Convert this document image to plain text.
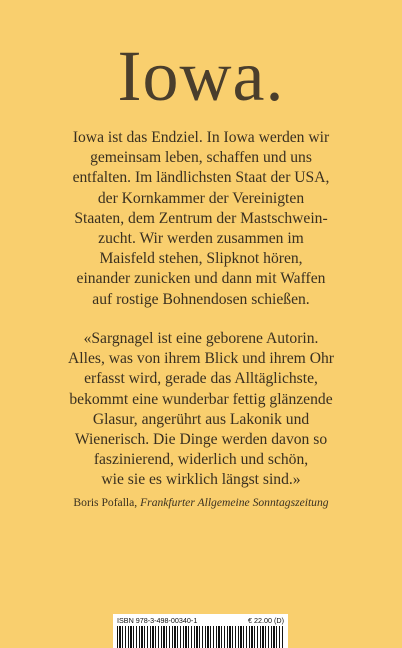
Iowa.
Iowa ist das Endziel. In Iowa werden wir
gemeinsam leben, schaffen und uns
entfalten. Im ländlichsten Staat der USA,
der Kornkammer der Vereinigten
Staaten, dem Zentrum der Mastschwein-
zucht. Wir werden zusammen im
Maisfeld stehen, Slipknot hören,
einander zunicken und dann mit Waffen
auf rostige Bohnendosen schießen.
«Sargnagel ist eine geborene Autorin.
Alles, was von ihrem Blick und ihrem Ohr
erfasst wird, gerade das Alltäglichste,
bekommt eine wunderbar fettig glänzende
Glasur, angerührt aus Lakonik und
Wienerisch. Die Dinge werden davon so
faszinierend, widerlich und schön,
wie sie es wirklich längst sind.»
Boris Pofalla, Frankfurter Allgemeine Sonntagszeitung
ISBN 978-3-498-00340-1	€ 22.00 (D)
